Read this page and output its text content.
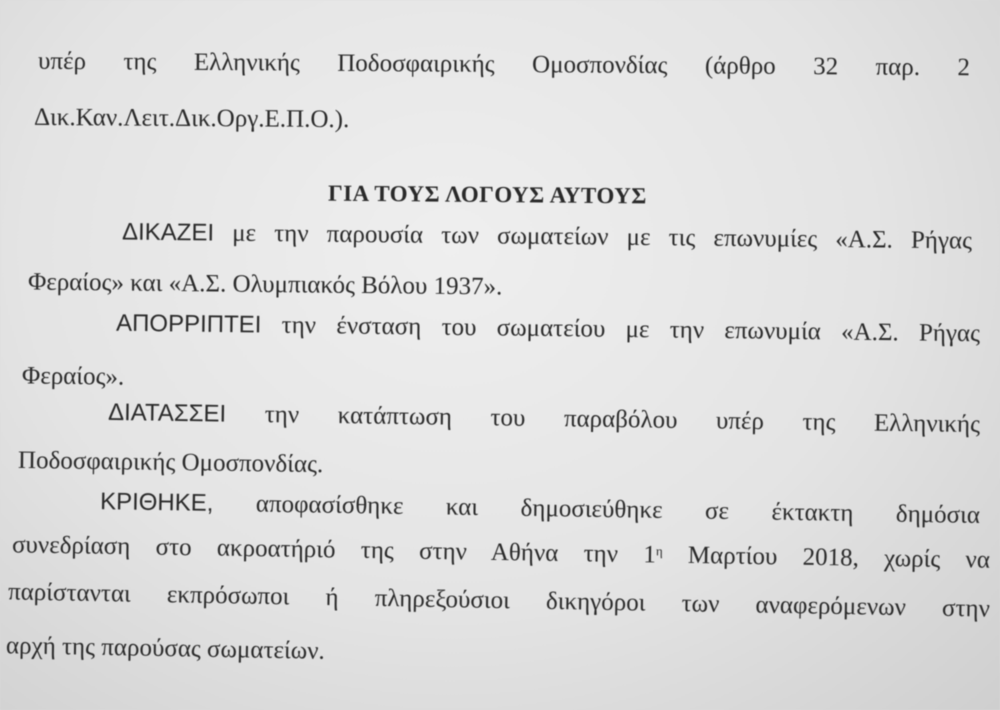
υπέρ της Ελληνικής Ποδοσφαιρικής Ομοσπονδίας (άρθρο 32 παρ. 2
Δικ.Καν.Λειτ.Δικ.Οργ.Ε.Π.Ο.).
ΓΙΑ ΤΟΥΣ ΛΟΓΟΥΣ ΑΥΤΟΥΣ
ΔΙΚΑΖΕΙ με την παρουσία των σωματείων με τις επωνυμίες «Α.Σ. Ρήγας
Φεραίος» και «Α.Σ. Ολυμπιακός Βόλου 1937».
ΑΠΟΡΡΙΠΤΕΙ την ένσταση του σωματείου με την επωνυμία «Α.Σ. Ρήγας
Φεραίος».
ΔΙΑΤΑΣΣΕΙ την κατάπτωση του παραβόλου υπέρ της Ελληνικής
Ποδοσφαιρικής Ομοσπονδίας.
ΚΡΙΘΗΚΕ, αποφασίσθηκε και δημοσιεύθηκε σε έκτακτη δημόσια
συνεδρίαση στο ακροατήριό της στην Αθήνα την $1^\eta$ Μαρτίου 2018, χωρίς να
παρίστανται εκπρόσωποι ή πληρεξούσιοι δικηγόροι των αναφερόμενων στην
αρχή της παρούσας σωματείων.
